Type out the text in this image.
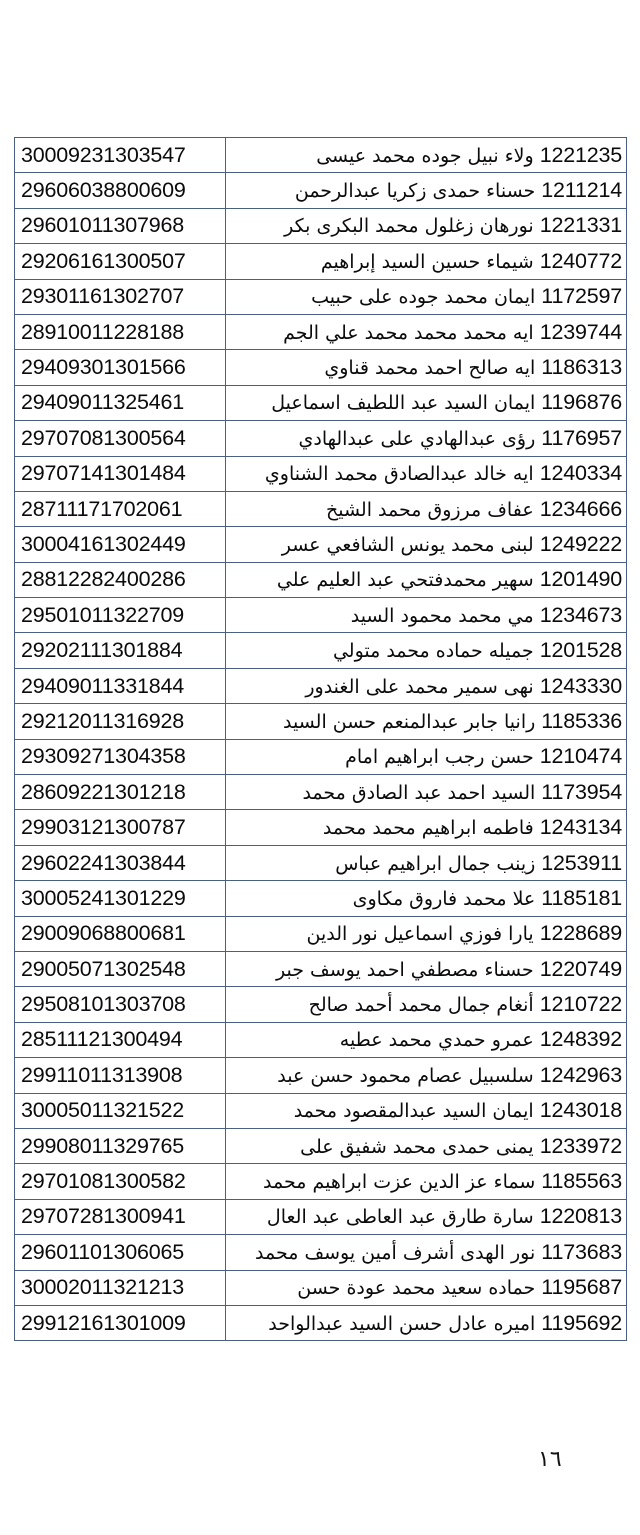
30009231303547	1221235ولاء نبيل جوده محمد عيسى
29606038800609	1211214حسناء حمدى زكريا عبدالرحمن
29601011307968	1221331نورهان زغلول محمد البكرى بكر
29206161300507	1240772شيماء حسين السيد إبراهيم
29301161302707	1172597ايمان محمد جوده على حبيب
28910011228188	1239744ايه محمد محمد محمد علي الجم
29409301301566	1186313ايه صالح احمد محمد قناوي
29409011325461	1196876ايمان السيد عبد اللطيف اسماعيل
29707081300564	1176957رؤى عبدالهادي على عبدالهادي
29707141301484	1240334ايه خالد عبدالصادق محمد الشناوي
28711171702061	1234666عفاف مرزوق محمد الشيخ
30004161302449	1249222لبنى محمد يونس الشافعي عسر
28812282400286	1201490سهير محمدفتحي عبد العليم علي
29501011322709	1234673مي محمد محمود السيد
29202111301884	1201528جميله حماده محمد متولي
29409011331844	1243330نهى سمير محمد على الغندور
29212011316928	1185336رانيا جابر عبدالمنعم حسن السيد
29309271304358	1210474حسن رجب ابراهيم امام
28609221301218	1173954السيد احمد عبد الصادق محمد
29903121300787	1243134فاطمه ابراهيم محمد محمد
29602241303844	1253911زينب جمال ابراهيم عباس
30005241301229	1185181علا محمد فاروق مكاوى
29009068800681	1228689يارا فوزي اسماعيل نور الدين
29005071302548	1220749حسناء مصطفي احمد يوسف جبر
29508101303708	1210722أنغام جمال محمد أحمد صالح
28511121300494	1248392عمرو حمدي محمد عطيه
29911011313908	1242963سلسبيل عصام محمود حسن عبد
30005011321522	1243018ايمان السيد عبدالمقصود محمد
29908011329765	1233972يمنى حمدى محمد شفيق على
29701081300582	1185563سماء عز الدين عزت ابراهيم محمد
29707281300941	1220813سارة طارق عبد العاطى عبد العال
29601101306065	1173683نور الهدى أشرف أمين يوسف محمد
30002011321213	1195687حماده سعيد محمد عودة حسن
29912161301009	1195692اميره عادل حسن السيد عبدالواحد
١٦
